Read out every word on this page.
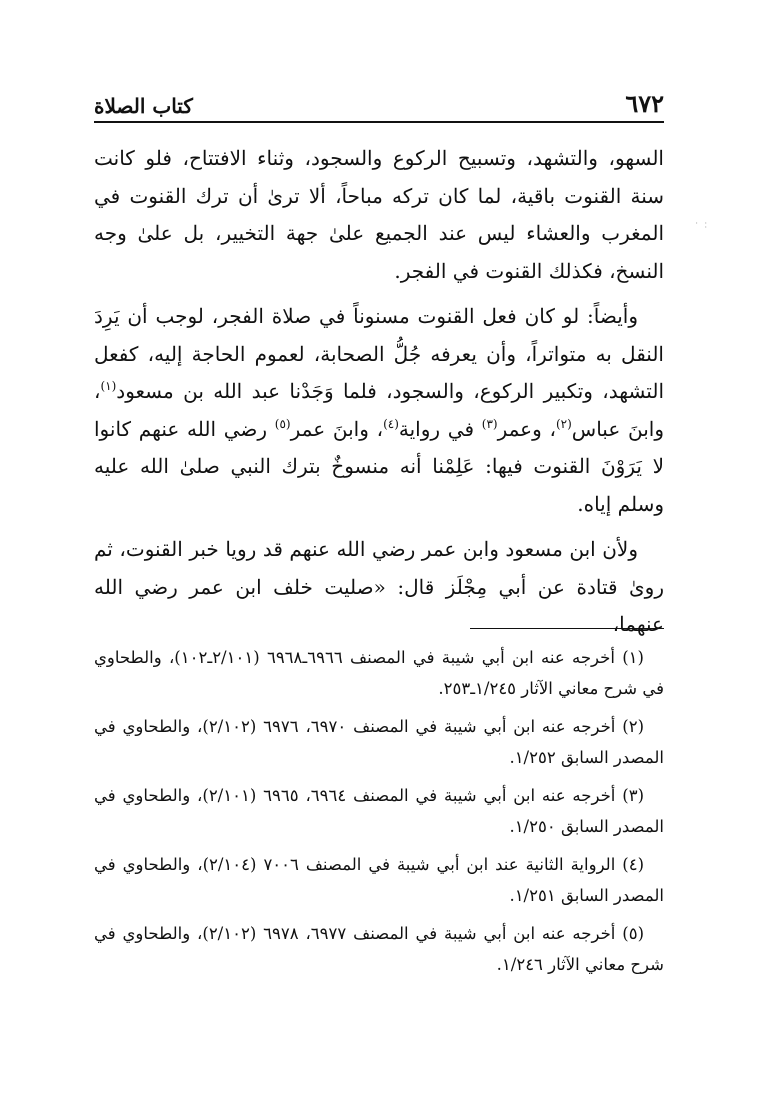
٦٧٢
كتاب الصلاة
· · ·

السهو، والتشهد، وتسبيح الركوع والسجود، وثناء الافتتاح، فلو كانت سنة القنوت باقية، لما كان تركه مباحاً، ألا ترىٰ أن ترك القنوت في المغرب والعشاء ليس عند الجميع علىٰ جهة التخيير، بل علىٰ وجه النسخ، فكذلك القنوت في الفجر.

وأيضاً: لو كان فعل القنوت مسنوناً في صلاة الفجر، لوجب أن يَرِدَ النقل به متواتراً، وأن يعرفه جُلُّ الصحابة، لعموم الحاجة إليه، كفعل التشهد، وتكبير الركوع، والسجود، فلما وَجَدْنا عبد الله بن مسعود$^{(١)}$، وابنَ عباس$^{(٢)}$، وعمر$^{(٣)}$ في رواية$^{(٤)}$، وابنَ عمر$^{(٥)}$ رضي الله عنهم كانوا لا يَرَوْنَ القنوت فيها: عَلِمْنا أنه منسوخٌ بترك النبي صلىٰ الله عليه وسلم إياه.

ولأن ابن مسعود وابن عمر رضي الله عنهم قد رويا خبر القنوت، ثم روىٰ قتادة عن أبي مِجْلَز قال: «صليت خلف ابن عمر رضي الله عنهما،

(١) أخرجه عنه ابن أبي شيبة في المصنف ٦٩٦٦ـ٦٩٦٨ (٢/١٠١ـ١٠٢)، والطحاوي في شرح معاني الآثار ١/٢٤٥ـ٢٥٣.

(٢) أخرجه عنه ابن أبي شيبة في المصنف ٦٩٧٠، ٦٩٧٦ (٢/١٠٢)، والطحاوي في المصدر السابق ١/٢٥٢.

(٣) أخرجه عنه ابن أبي شيبة في المصنف ٦٩٦٤، ٦٩٦٥ (٢/١٠١)، والطحاوي في المصدر السابق ١/٢٥٠.

(٤) الرواية الثانية عند ابن أبي شيبة في المصنف ٧٠٠٦ (٢/١٠٤)، والطحاوي في المصدر السابق ١/٢٥١.

(٥) أخرجه عنه ابن أبي شيبة في المصنف ٦٩٧٧، ٦٩٧٨ (٢/١٠٢)، والطحاوي في شرح معاني الآثار ١/٢٤٦.
